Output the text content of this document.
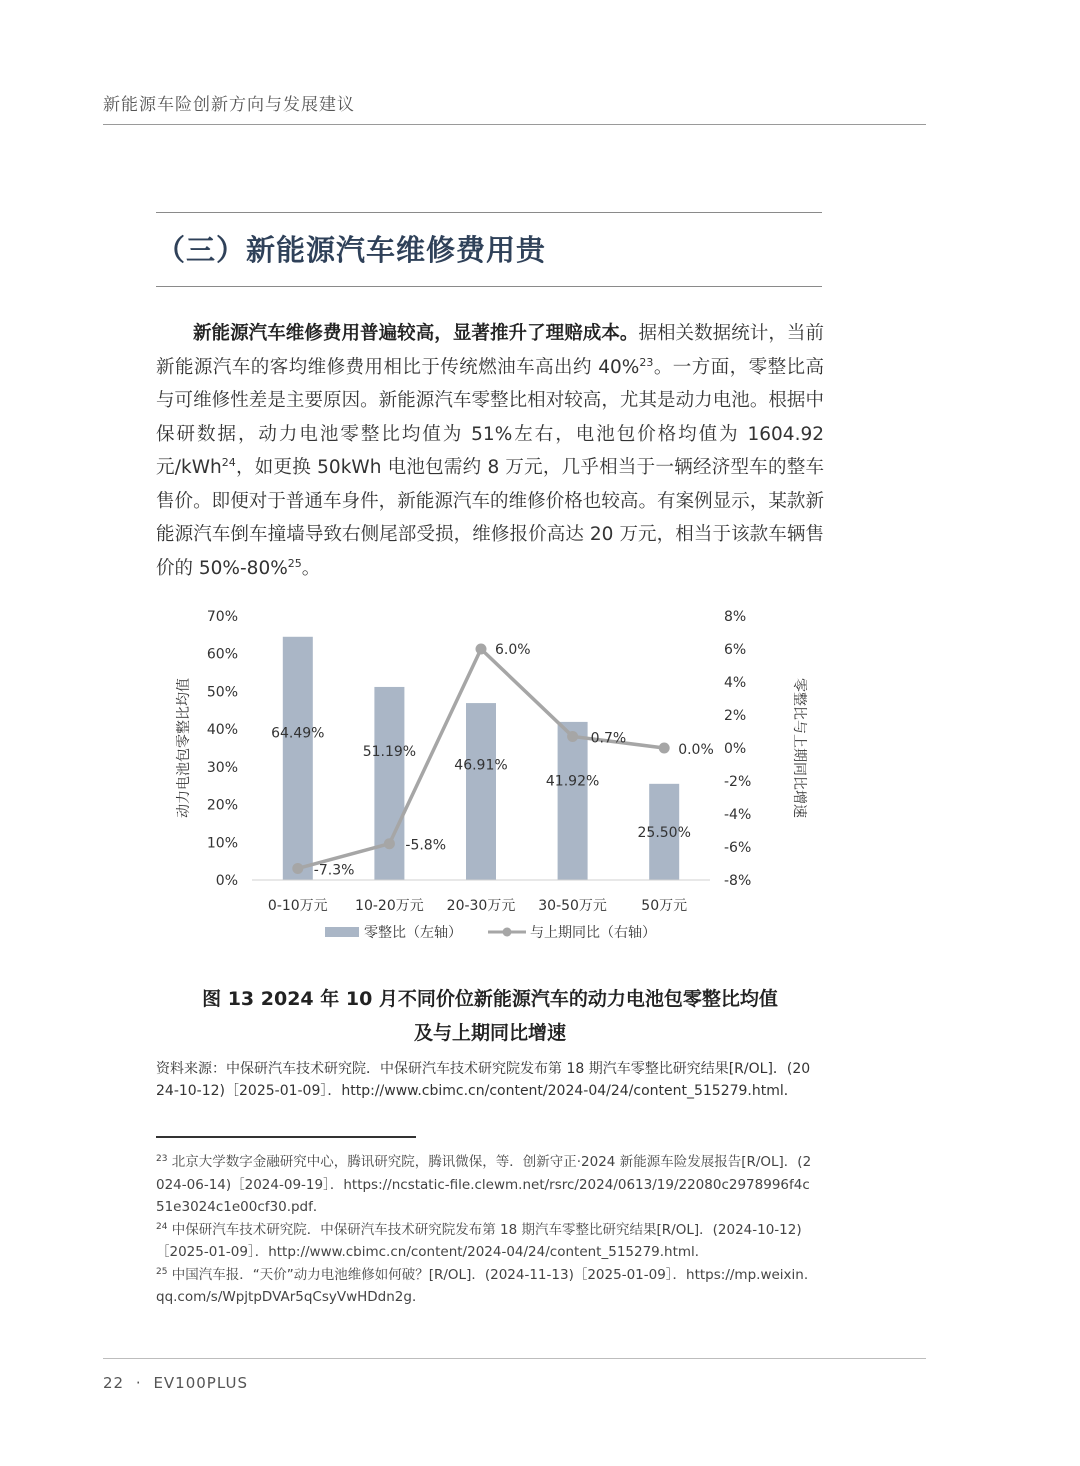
新能源车险创新方向与发展建议
（三）新能源汽车维修费用贵
新能源汽车维修费用普遍较高，显著推升了理赔成本。据相关数据统计，当前新能源汽车的客均维修费用相比于传统燃油车高出约 40%$^{23}$。一方面，零整比高与可维修性差是主要原因。新能源汽车零整比相对较高，尤其是动力电池。根据中保研数据，动力电池零整比均值为 51%左右，电池包价格均值为 1604.92 元/kWh$^{24}$，如更换 50kWh 电池包需约 8 万元，几乎相当于一辆经济型车的整车售价。即便对于普通车身件，新能源汽车的维修价格也较高。有案例显示，某款新能源汽车倒车撞墙导致右侧尾部受损，维修报价高达 20 万元，相当于该款车辆售价的 50%-80%$^{25}$。
0%
10%
20%
30%
40%
50%
60%
70%
-8%
-6%
-4%
-2%
0%
2%
4%
6%
8%
0-10万元 10-20万元 20-30万元 30-50万元 50万元
动力电池包零整比均值	零整比与上期同比增速
64.49%
51.19%
46.91%
41.92%
25.50%
-7.3%
-5.8%
6.0%
0.7%
0.0%
零整比（左轴）	与上期同比（右轴）
图 13 2024 年 10 月不同价位新能源汽车的动力电池包零整比均值
及与上期同比增速
资料来源：中保研汽车技术研究院．中保研汽车技术研究院发布第 18 期汽车零整比研究结果[R/OL]．(2024-10-12)［2025-01-09］．http://www.cbimc.cn/content/2024-04/24/content_515279.html．

$^{23}$ 北京大学数字金融研究中心，腾讯研究院，腾讯微保，等．创新守正·2024 新能源车险发展报告[R/OL]．(2024-06-14)［2024-09-19］．https://ncstatic-file.clewm.net/rsrc/2024/0613/19/22080c2978996f4c51e3024c1e00cf30.pdf．

$^{24}$ 中保研汽车技术研究院．中保研汽车技术研究院发布第 18 期汽车零整比研究结果[R/OL]．(2024-10-12)［2025-01-09］．http://www.cbimc.cn/content/2024-04/24/content_515279.html．

$^{25}$ 中国汽车报．“天价”动力电池维修如何破？[R/OL]．(2024-11-13)［2025-01-09］．https://mp.weixin.qq.com/s/WpjtpDVAr5qCsyVwHDdn2g．

22 · EV100PLUS
